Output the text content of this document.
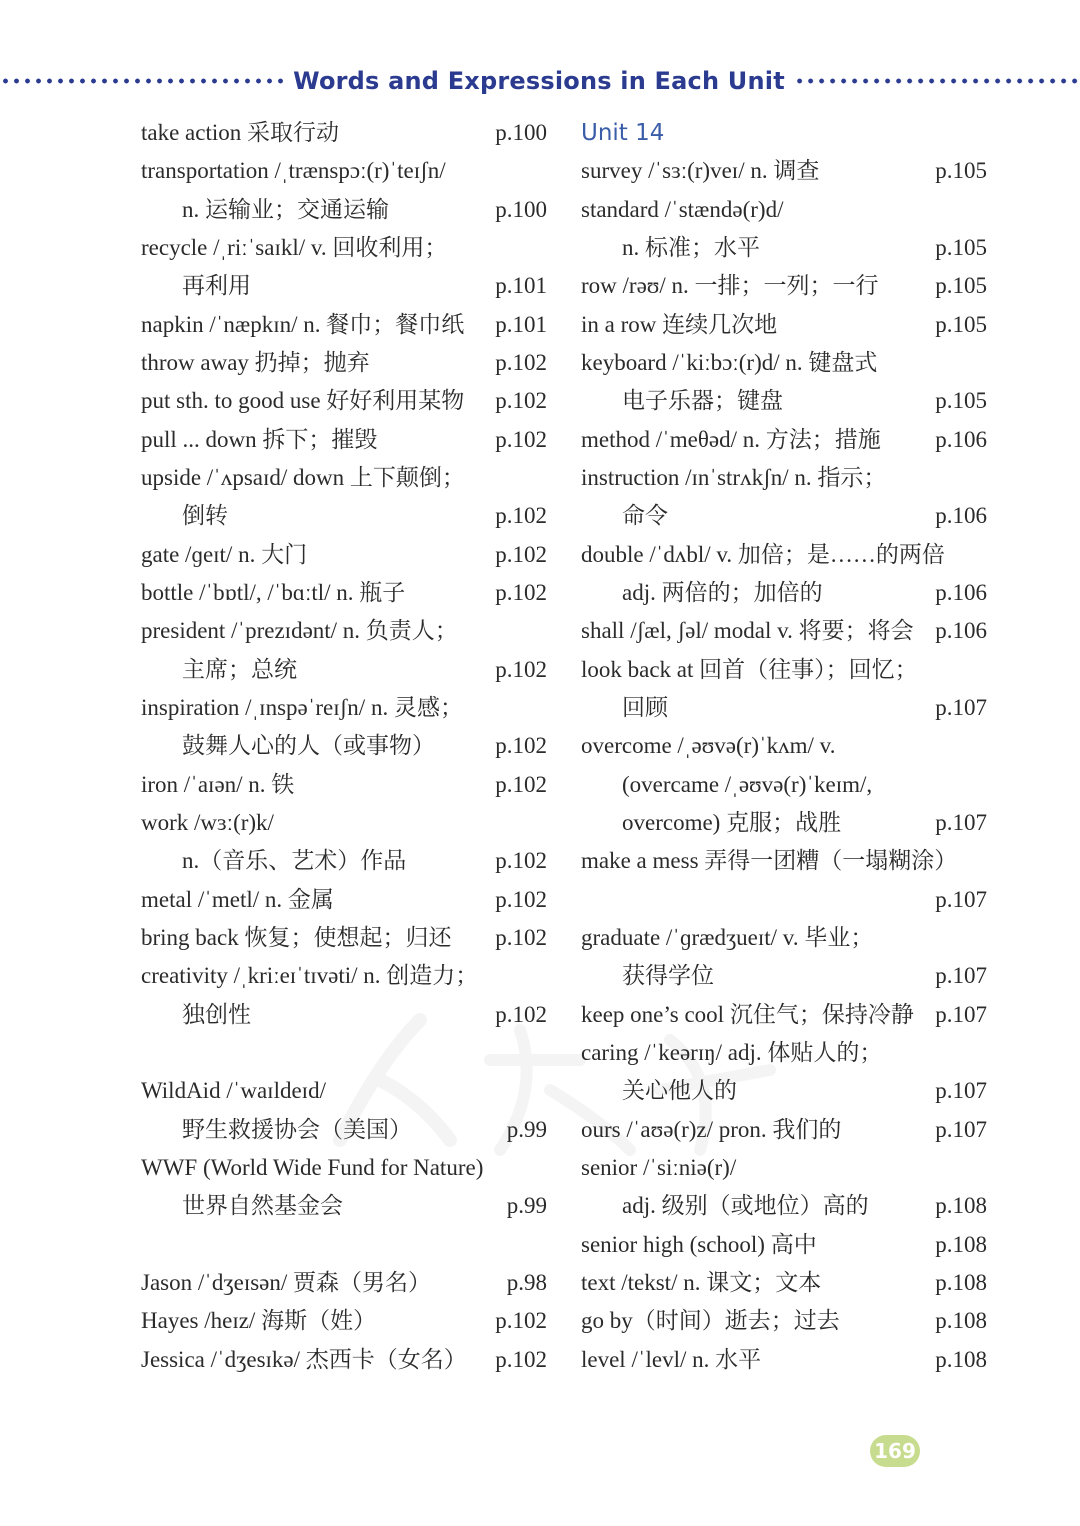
Words and Expressions in Each Unit
take action 采取行动	p.100
transportation /ˌtrænspɔː(r)ˈteɪʃn/
n. 运输业；交通运输	p.100
recycle /ˌriːˈsaɪkl/ v. 回收利用；
再利用	p.101
napkin /ˈnæpkɪn/ n. 餐巾；餐巾纸 p.101
throw away 扔掉；抛弃	p.102
put sth. to good use 好好利用某物 p.102
pull ... down 拆下；摧毁	p.102
upside /ˈʌpsaɪd/ down 上下颠倒；
倒转	p.102
gate /ɡeɪt/ n. 大门	p.102
bottle /ˈbɒtl/, /ˈbɑːtl/ n. 瓶子	p.102
president /ˈprezɪdənt/ n. 负责人；
主席；总统	p.102
inspiration /ˌɪnspəˈreɪʃn/ n. 灵感；
鼓舞人心的人（或事物）	p.102
iron /ˈaɪən/ n. 铁	p.102
work /wɜː(r)k/
n.（音乐、艺术）作品	p.102
metal /ˈmetl/ n. 金属	p.102
bring back 恢复；使想起；归还 p.102
creativity /ˌkriːeɪˈtɪvəti/ n. 创造力；
独创性	p.102
WildAid /ˈwaɪldeɪd/
野生救援协会（美国）	p.99
WWF (World Wide Fund for Nature)
世界自然基金会	p.99
Jason /ˈdʒeɪsən/ 贾森（男名）	p.98
Hayes /heɪz/ 海斯（姓）	p.102
Jessica /ˈdʒesɪkə/ 杰西卡（女名） p.102
Unit 14
survey /ˈsɜː(r)veɪ/ n. 调查	p.105
standard /ˈstændə(r)d/
n. 标准；水平	p.105
row /rəʊ/ n. 一排；一列；一行 p.105
in a row 连续几次地	p.105
keyboard /ˈkiːbɔː(r)d/ n. 键盘式
电子乐器；键盘	p.105
method /ˈmeθəd/ n. 方法；措施 p.106
instruction /ɪnˈstrʌkʃn/ n. 指示；
命令	p.106
double /ˈdʌbl/ v. 加倍；是……的两倍
adj. 两倍的；加倍的	p.106
shall /ʃæl, ʃəl/ modal v. 将要；将会 p.106
look back at 回首（往事）；回忆；
回顾	p.107
overcome /ˌəʊvə(r)ˈkʌm/ v.
(overcame /ˌəʊvə(r)ˈkeɪm/,
overcome) 克服；战胜	p.107
make a mess 弄得一团糟（一塌糊涂）
p.107
graduate /ˈɡrædʒueɪt/ v. 毕业；
获得学位	p.107
keep one’s cool 沉住气；保持冷静 p.107
caring /ˈkeərɪŋ/ adj. 体贴人的；
关心他人的	p.107
ours /ˈaʊə(r)z/ pron. 我们的	p.107
senior /ˈsiːniə(r)/
adj. 级别（或地位）高的	p.108
senior high (school) 高中	p.108
text /tekst/ n. 课文；文本	p.108
go by（时间）逝去；过去	p.108
level /ˈlevl/ n. 水平	p.108
169
